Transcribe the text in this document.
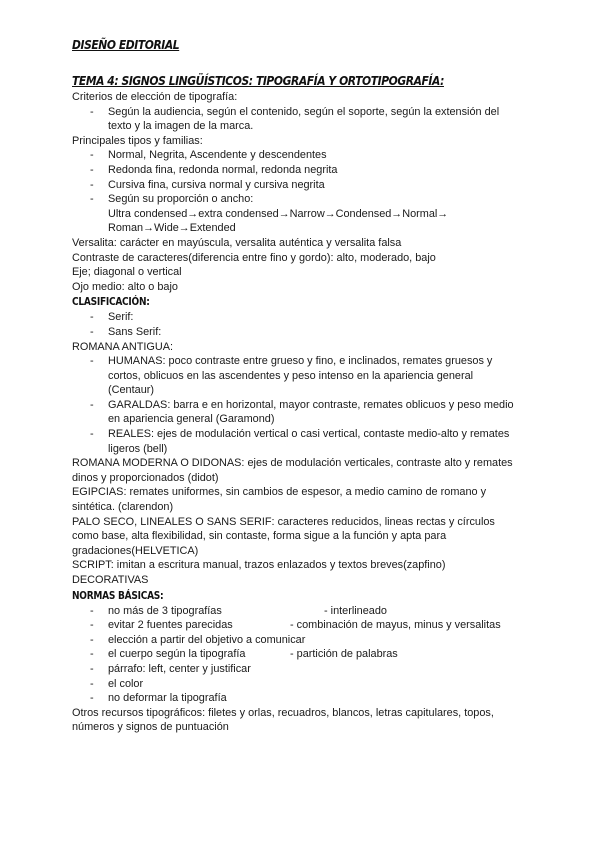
DISEÑO EDITORIAL
TEMA 4: SIGNOS LINGÜÍSTICOS: TIPOGRAFÍA Y ORTOTIPOGRAFÍA:
Criterios de elección de tipografía:
- Según la audiencia, según el contenido, según el soporte, según la extensión del
texto y la imagen de la marca.
Principales tipos y familias:
- Normal, Negrita, Ascendente y descendentes
- Redonda fina, redonda normal, redonda negrita
- Cursiva fina, cursiva normal y cursiva negrita
- Según su proporción o ancho:
Ultra condensed→extra condensed→Narrow→Condensed→Normal→
Roman→Wide→Extended
Versalita: carácter en mayúscula, versalita auténtica y versalita falsa
Contraste de caracteres(diferencia entre fino y gordo): alto, moderado, bajo
Eje; diagonal o vertical
Ojo medio: alto o bajo
CLASIFICACIÓN:
- Serif:
- Sans Serif:
ROMANA ANTIGUA:
- HUMANAS: poco contraste entre grueso y fino, e inclinados, remates gruesos y
cortos, oblicuos en las ascendentes y peso intenso en la apariencia general
(Centaur)
- GARALDAS: barra e en horizontal, mayor contraste, remates oblicuos y peso medio
en apariencia general (Garamond)
- REALES: ejes de modulación vertical o casi vertical, contaste medio-alto y remates
ligeros (bell)
ROMANA MODERNA O DIDONAS: ejes de modulación verticales, contraste alto y remates
dinos y proporcionados (didot)
EGIPCIAS: remates uniformes, sin cambios de espesor, a medio camino de romano y
sintética. (clarendon)
PALO SECO, LINEALES O SANS SERIF: caracteres reducidos, lineas rectas y círculos
como base, alta flexibilidad, sin contaste, forma sigue a la función y apta para
gradaciones(HELVETICA)
SCRIPT: imitan a escritura manual, trazos enlazados y textos breves(zapfino)
DECORATIVAS
NORMAS BÁSICAS:
- no más de 3 tipografías	- interlineado
- evitar 2 fuentes parecidas	- combinación de mayus, minus y versalitas
- elección a partir del objetivo a comunicar
- el cuerpo según la tipografía	- partición de palabras
- párrafo: left, center y justificar
- el color
- no deformar la tipografía
Otros recursos tipográficos: filetes y orlas, recuadros, blancos, letras capitulares, topos,
números y signos de puntuación
